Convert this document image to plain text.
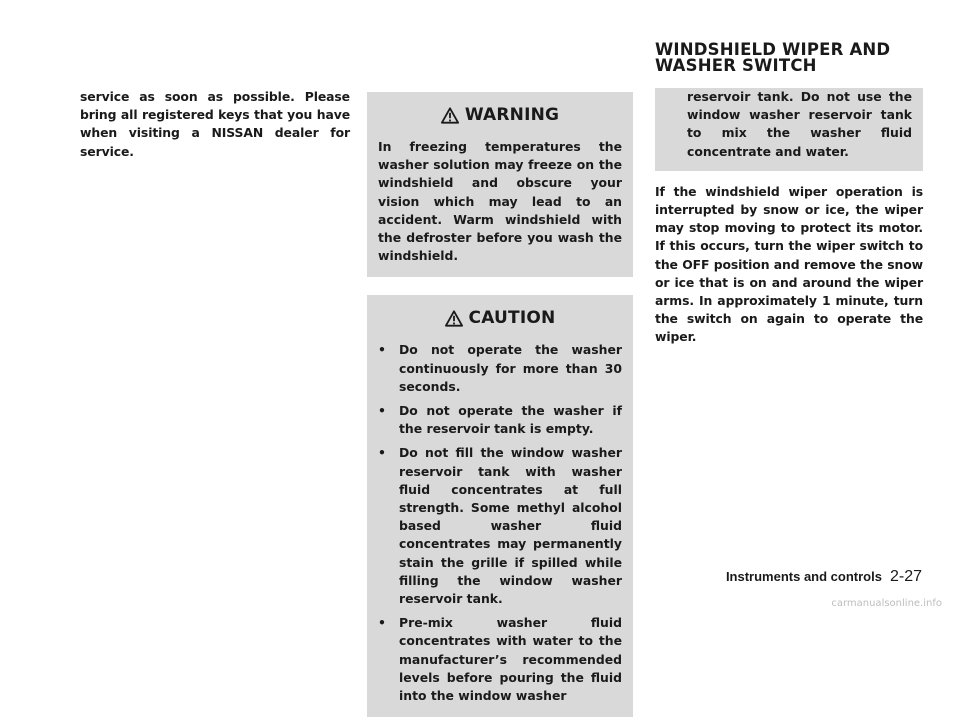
service as soon as possible. Please bring all registered keys that you have when visiting a NISSAN dealer for service.

WARNING

In freezing temperatures the washer solution may freeze on the windshield and obscure your vision which may lead to an accident. Warm windshield with the defroster before you wash the windshield.

CAUTION
• Do not operate the washer continuously for more than 30 seconds.
• Do not operate the washer if the reservoir tank is empty.
• Do not fill the window washer reservoir tank with washer fluid concentrates at full strength. Some methyl alcohol based washer fluid concentrates may permanently stain the grille if spilled while filling the window washer reservoir tank.
• Pre-mix washer fluid concentrates with water to the manufacturer’s recommended levels before pouring the fluid into the window washer
WINDSHIELD WIPER AND WASHER SWITCH

reservoir tank. Do not use the window washer reservoir tank to mix the washer fluid concentrate and water.

If the windshield wiper operation is interrupted by snow or ice, the wiper may stop moving to protect its motor. If this occurs, turn the wiper switch to the OFF position and remove the snow or ice that is on and around the wiper arms. In approximately 1 minute, turn the switch on again to operate the wiper.

Instruments and controls 2-27
carmanualsonline.info
